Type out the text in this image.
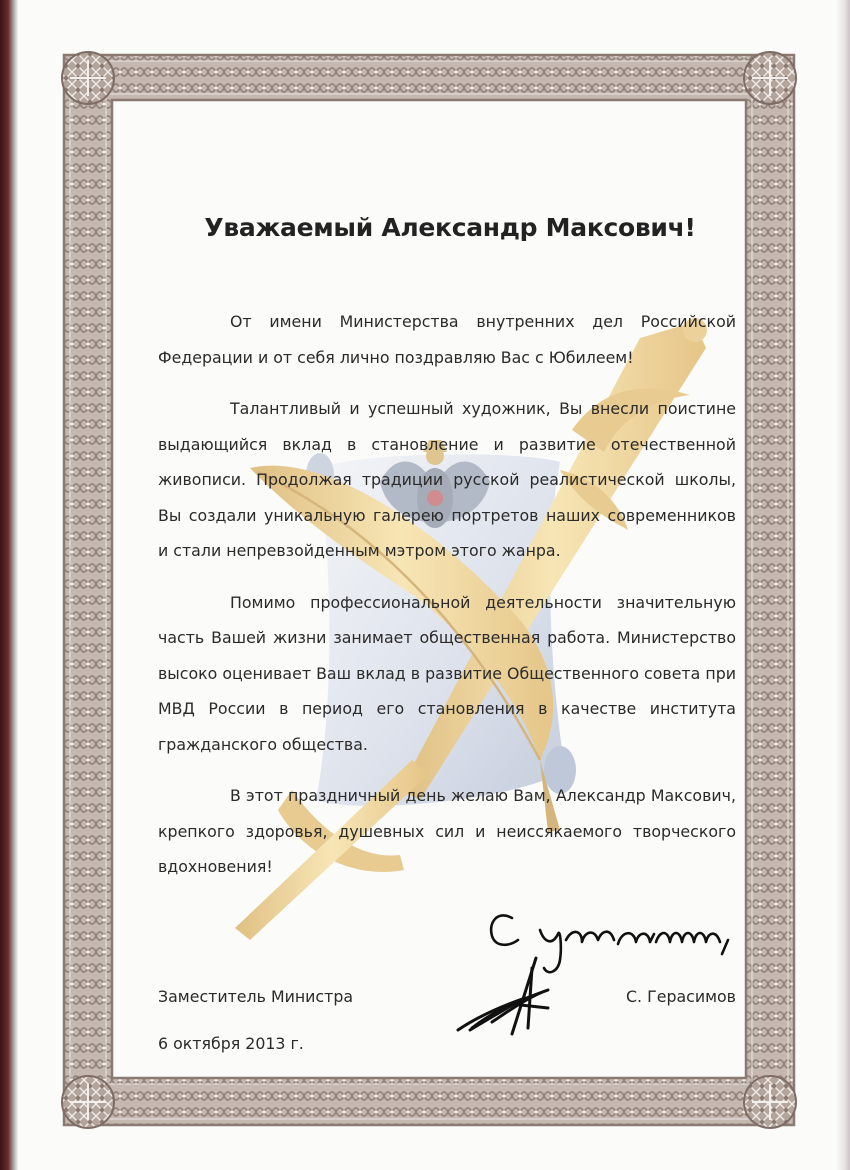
Уважаемый Александр Максович!

От имени Министерства внутренних дел Российской Федерации и от себя лично поздравляю Вас с Юбилеем!

Талантливый и успешный художник, Вы внесли поистине выдающийся вклад в становление и развитие отечественной живописи. Продолжая традиции русской реалистической школы, Вы создали уникальную галерею портретов наших современников и стали непревзойденным мэтром этого жанра.

Помимо профессиональной деятельности значительную часть Вашей жизни занимает общественная работа. Министерство высоко оценивает Ваш вклад в развитие Общественного совета при МВД России в период его становления в качестве института гражданского общества.

В этот праздничный день желаю Вам, Александр Максович, крепкого здоровья, душевных сил и неиссякаемого творческого вдохновения!

Заместитель Министра	С. Герасимов
6 октября 2013 г.
